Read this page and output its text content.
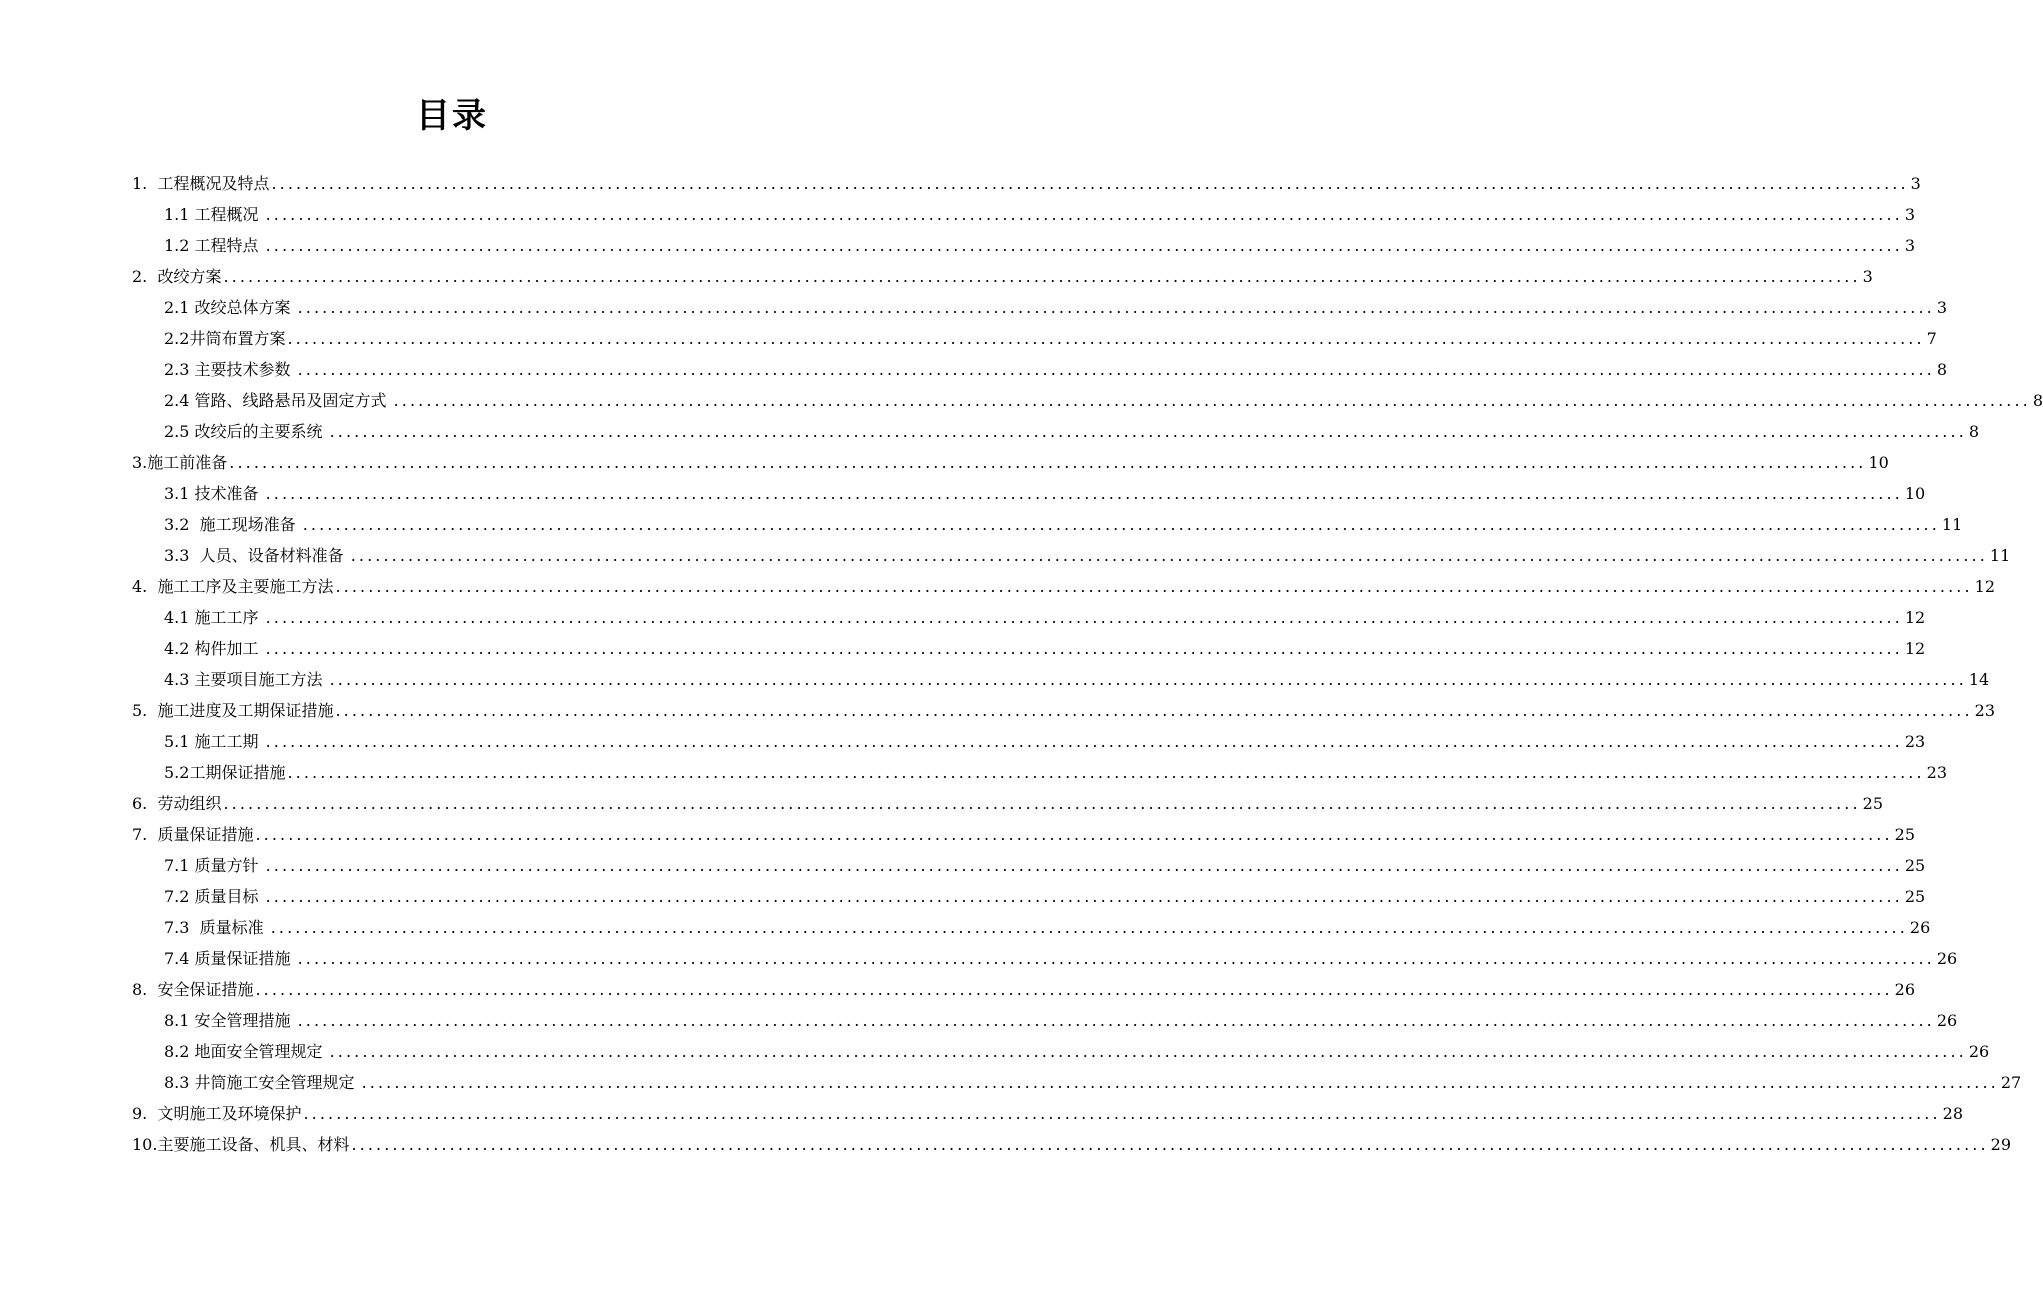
目录
1.  工程概况及特点 ........................................................................................................................................................................................................ 3
1.1 工程概况 ........................................................................................................................................................................................................ 3
1.2 工程特点 ........................................................................................................................................................................................................ 3
2.  改绞方案 ........................................................................................................................................................................................................ 3
2.1 改绞总体方案 ........................................................................................................................................................................................................ 3
2.2井筒布置方案 ........................................................................................................................................................................................................ 7
2.3 主要技术参数 ........................................................................................................................................................................................................ 8
2.4 管路、线路悬吊及固定方式 ........................................................................................................................................................................................................ 8
2.5 改绞后的主要系统 ........................................................................................................................................................................................................ 8
3.施工前准备 ........................................................................................................................................................................................................ 10
3.1 技术准备 ........................................................................................................................................................................................................ 10
3.2  施工现场准备 ........................................................................................................................................................................................................ 11
3.3  人员、设备材料准备 ........................................................................................................................................................................................................ 11
4.  施工工序及主要施工方法 ........................................................................................................................................................................................................ 12
4.1 施工工序 ........................................................................................................................................................................................................ 12
4.2 构件加工 ........................................................................................................................................................................................................ 12
4.3 主要项目施工方法 ........................................................................................................................................................................................................ 14
5.  施工进度及工期保证措施 ........................................................................................................................................................................................................ 23
5.1 施工工期 ........................................................................................................................................................................................................ 23
5.2工期保证措施 ........................................................................................................................................................................................................ 23
6.  劳动组织 ........................................................................................................................................................................................................ 25
7.  质量保证措施 ........................................................................................................................................................................................................ 25
7.1 质量方针 ........................................................................................................................................................................................................ 25
7.2 质量目标 ........................................................................................................................................................................................................ 25
7.3  质量标准 ........................................................................................................................................................................................................ 26
7.4 质量保证措施 ........................................................................................................................................................................................................ 26
8.  安全保证措施 ........................................................................................................................................................................................................ 26
8.1 安全管理措施 ........................................................................................................................................................................................................ 26
8.2 地面安全管理规定 ........................................................................................................................................................................................................ 26
8.3 井筒施工安全管理规定 ........................................................................................................................................................................................................ 27
9.  文明施工及环境保护 ........................................................................................................................................................................................................ 28
10.主要施工设备、机具、材料 ........................................................................................................................................................................................................ 29
